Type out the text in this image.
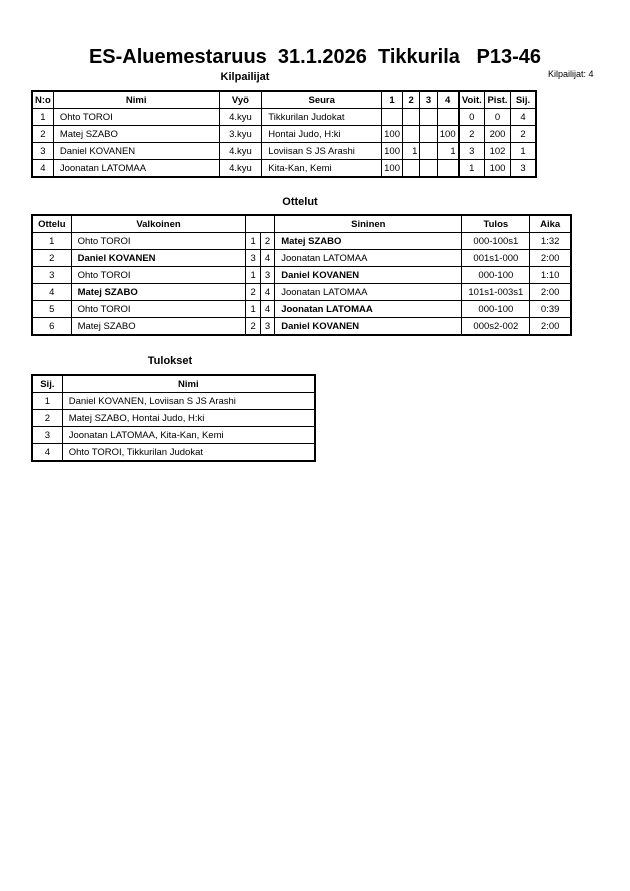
ES-Aluemestaruus  31.1.2026  Tikkurila   P13-46
Kilpailijat: 4
Kilpailijat
N:o	Nimi	Vyö	Seura	1	2	3	4	Voit.	Pist.	Sij.
1	Ohto TOROI	4.kyu	Tikkurilan Judokat					0	0	4
2	Matej SZABO	3.kyu	Hontai Judo, H:ki	100			100	2	200	2
3	Daniel KOVANEN	4.kyu	Loviisan S JS Arashi	100	1		1	3	102	1
4	Joonatan LATOMAA	4.kyu	Kita-Kan, Kemi	100				1	100	3
Ottelut
Ottelu	Valkoinen			Sininen	Tulos	Aika
1	Ohto TOROI	1	2	Matej SZABO	000-100s1	1:32
2	Daniel KOVANEN	3	4	Joonatan LATOMAA	001s1-000	2:00
3	Ohto TOROI	1	3	Daniel KOVANEN	000-100	1:10
4	Matej SZABO	2	4	Joonatan LATOMAA	101s1-003s1	2:00
5	Ohto TOROI	1	4	Joonatan LATOMAA	000-100	0:39
6	Matej SZABO	2	3	Daniel KOVANEN	000s2-002	2:00
Tulokset
Sij.	Nimi
1	Daniel KOVANEN, Loviisan S JS Arashi
2	Matej SZABO, Hontai Judo, H:ki
3	Joonatan LATOMAA, Kita-Kan, Kemi
4	Ohto TOROI, Tikkurilan Judokat
